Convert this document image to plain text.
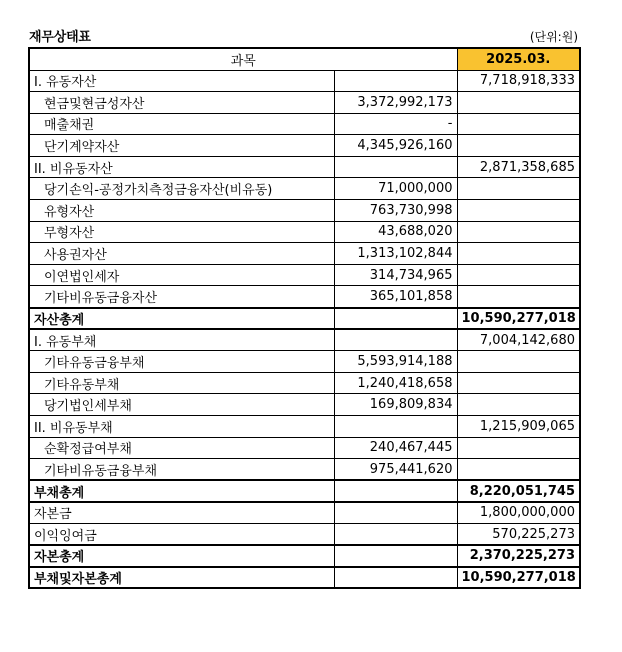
재무상태표	(단위:원)
과목		2025.03.
I. 유동자산		7,718,918,333
현금및현금성자산	3,372,992,173	
매출채권	-	
단기계약자산	4,345,926,160	
II. 비유동자산		2,871,358,685
당기손익-공정가치측정금융자산(비유동)	71,000,000	
유형자산	763,730,998	
무형자산	43,688,020	
사용권자산	1,313,102,844	
이연법인세자	314,734,965	
기타비유동금융자산	365,101,858	
자산총계		10,590,277,018
I. 유동부채		7,004,142,680
기타유동금융부채	5,593,914,188	
기타유동부채	1,240,418,658	
당기법인세부채	169,809,834	
II. 비유동부채		1,215,909,065
순확정급여부채	240,467,445	
기타비유동금융부채	975,441,620	
부채총계		8,220,051,745
자본금		1,800,000,000
이익잉여금		570,225,273
자본총계		2,370,225,273
부채및자본총계		10,590,277,018
